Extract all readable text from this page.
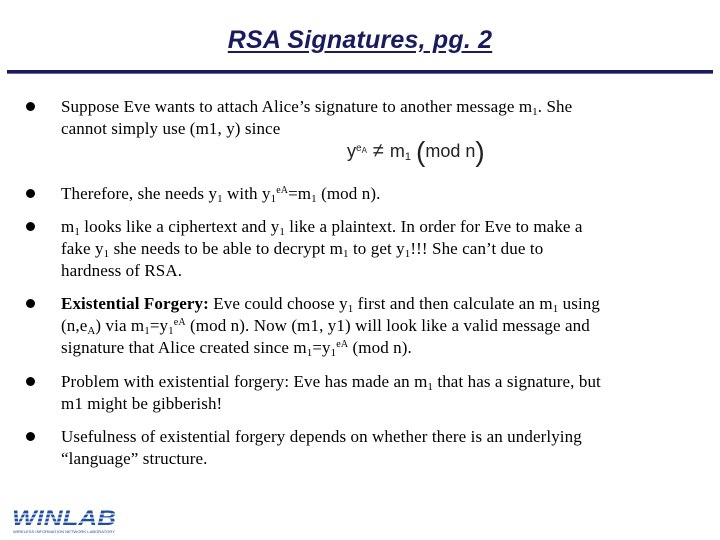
RSA Signatures, pg. 2
Suppose Eve wants to attach Alice’s signature to another message $m_1$. She
cannot simply use (m1, y) since
$y^{e_A} \ne m_1$ (mod n)
Therefore, she needs $y_1$ with $y_1^{eA}=m_1$ (mod n).
$m_1$ looks like a ciphertext and $y_1$ like a plaintext. In order for Eve to make a
fake $y_1$ she needs to be able to decrypt $m_1$ to get $y_1$!!! She can’t due to
hardness of RSA.
Existential Forgery: Eve could choose $y_1$ first and then calculate an $m_1$ using
$(n,e_A)$ via $m_1=y_1^{eA}$ (mod n). Now (m1, y1) will look like a valid message and
signature that Alice created since $m_1=y_1^{eA}$ (mod n).
Problem with existential forgery: Eve has made an $m_1$ that has a signature, but
m1 might be gibberish!
Usefulness of existential forgery depends on whether there is an underlying
“language” structure.
WINLAB
WIRELESS INFORMATION NETWORK LABORATORY
